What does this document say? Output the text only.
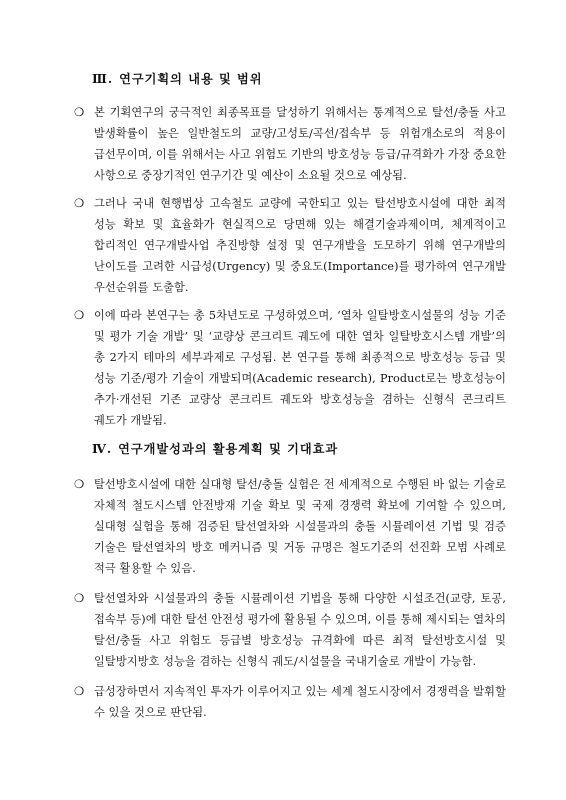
Ⅲ. 연구기획의 내용 및 범위
❍ 본 기획연구의 궁극적인 최종목표를 달성하기 위해서는 통계적으로 탈선/충돌 사고 발생확률이 높은 일반철도의 교량/고성토/곡선/접속부 등 위험개소로의 적용이 급선무이며, 이를 위해서는 사고 위험도 기반의 방호성능 등급/규격화가 가장 중요한 사항으로 중장기적인 연구기간 및 예산이 소요될 것으로 예상됨.
❍ 그러나 국내 현행법상 고속철도 교량에 국한되고 있는 탈선방호시설에 대한 최적 성능 확보 및 효율화가 현실적으로 당면해 있는 해결기술과제이며, 체계적이고 합리적인 연구개발사업 추진방향 설정 및 연구개발을 도모하기 위해 연구개발의 난이도를 고려한 시급성(Urgency) 및 중요도(Importance)를 평가하여 연구개발 우선순위를 도출함.
❍ 이에 따라 본연구는 총 5차년도로 구성하였으며, ‘열차 일탈방호시설물의 성능 기준 및 평가 기술 개발’ 및 ‘교량상 콘크리트 궤도에 대한 열차 일탈방호시스템 개발’의 총 2가지 테마의 세부과제로 구성됨. 본 연구를 통해 최종적으로 방호성능 등급 및 성능 기준/평가 기술이 개발되며(Academic research), Product로는 방호성능이 추가·개선된 기존 교량상 콘크리트 궤도와 방호성능을 겸하는 신형식 콘크리트 궤도가 개발됨.
Ⅳ. 연구개발성과의 활용계획 및 기대효과
❍ 탈선방호시설에 대한 실대형 탈선/충돌 실험은 전 세계적으로 수행된 바 없는 기술로 자체적 철도시스템 안전방재 기술 확보 및 국제 경쟁력 확보에 기여할 수 있으며, 실대형 실험을 통해 검증된 탈선열차와 시설물과의 충돌 시뮬레이션 기법 및 검증 기술은 탈선열차의 방호 메커니즘 및 거동 규명은 철도기준의 선진화 모범 사례로 적극 활용할 수 있음.
❍ 탈선열차와 시설물과의 충돌 시뮬레이션 기법을 통해 다양한 시설조건(교량, 토공, 접속부 등)에 대한 탈선 안전성 평가에 활용될 수 있으며, 이를 통해 제시되는 열차의 탈선/충돌 사고 위험도 등급별 방호성능 규격화에 따른 최적 탈선방호시설 및 일탈방지방호 성능을 겸하는 신형식 궤도/시설물을 국내기술로 개발이 가능함.
❍ 급성장하면서 지속적인 투자가 이루어지고 있는 세계 철도시장에서 경쟁력을 발휘할 수 있을 것으로 판단됨.
